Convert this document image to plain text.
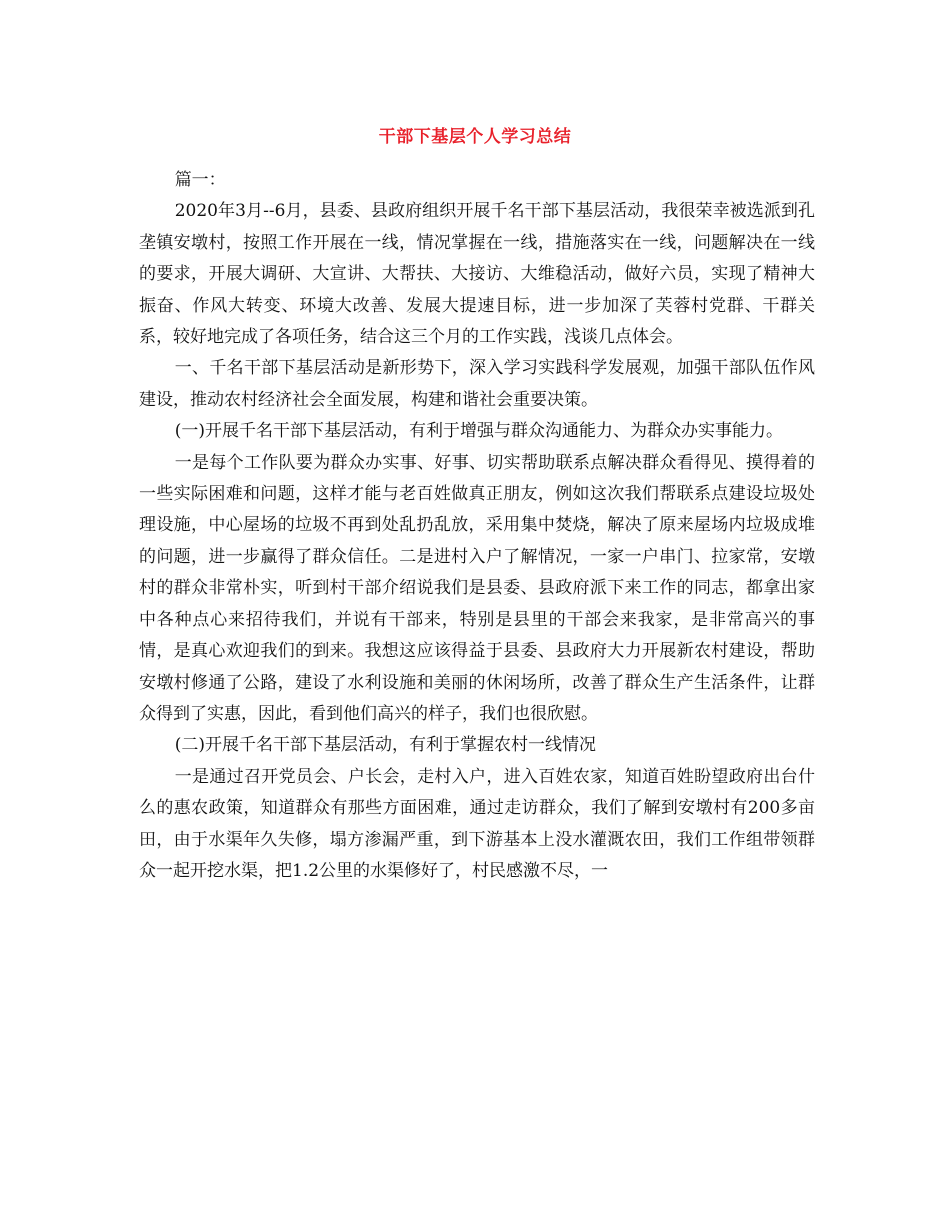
干部下基层个人学习总结

篇一：

2020年3月--6月，县委、县政府组织开展千名干部下基层活动，我很荣幸被选派到孔垄镇安墩村，按照工作开展在一线，情况掌握在一线，措施落实在一线，问题解决在一线的要求，开展大调研、大宣讲、大帮扶、大接访、大维稳活动，做好六员，实现了精神大振奋、作风大转变、环境大改善、发展大提速目标，进一步加深了芙蓉村党群、干群关系，较好地完成了各项任务，结合这三个月的工作实践，浅谈几点体会。

一、千名干部下基层活动是新形势下，深入学习实践科学发展观，加强干部队伍作风建设，推动农村经济社会全面发展，构建和谐社会重要决策。

(一)开展千名干部下基层活动，有利于增强与群众沟通能力、为群众办实事能力。

一是每个工作队要为群众办实事、好事、切实帮助联系点解决群众看得见、摸得着的一些实际困难和问题，这样才能与老百姓做真正朋友，例如这次我们帮联系点建设垃圾处理设施，中心屋场的垃圾不再到处乱扔乱放，采用集中焚烧，解决了原来屋场内垃圾成堆的问题，进一步赢得了群众信任。二是进村入户了解情况，一家一户串门、拉家常，安墩村的群众非常朴实，听到村干部介绍说我们是县委、县政府派下来工作的同志，都拿出家中各种点心来招待我们，并说有干部来，特别是县里的干部会来我家，是非常高兴的事情，是真心欢迎我们的到来。我想这应该得益于县委、县政府大力开展新农村建设，帮助安墩村修通了公路，建设了水利设施和美丽的休闲场所，改善了群众生产生活条件，让群众得到了实惠，因此，看到他们高兴的样子，我们也很欣慰。

(二)开展千名干部下基层活动，有利于掌握农村一线情况

一是通过召开党员会、户长会，走村入户，进入百姓农家，知道百姓盼望政府出台什么的惠农政策，知道群众有那些方面困难，通过走访群众，我们了解到安墩村有200多亩田，由于水渠年久失修，塌方渗漏严重，到下游基本上没水灌溉农田，我们工作组带领群众一起开挖水渠，把1.2公里的水渠修好了，村民感激不尽，一
